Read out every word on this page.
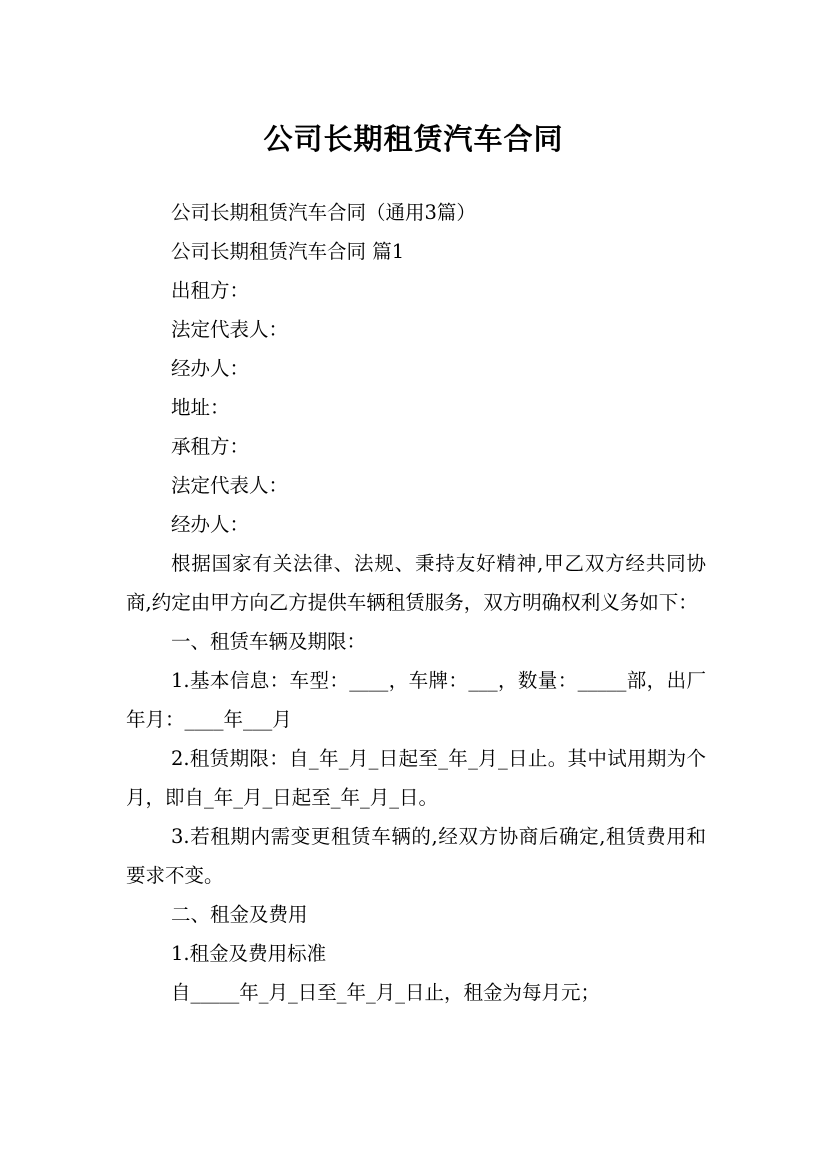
公司长期租赁汽车合同

公司长期租赁汽车合同（通用3篇）

公司长期租赁汽车合同 篇1

出租方：

法定代表人：

经办人：

地址：

承租方：

法定代表人：

经办人：

根据国家有关法律、法规、秉持友好精神,甲乙双方经共同协商,约定由甲方向乙方提供车辆租赁服务，双方明确权利义务如下：

一、租赁车辆及期限：

1.基本信息：车型：____，车牌：___，数量：_____部，出厂年月：____年___月

2.租赁期限：自_年_月_日起至_年_月_日止。其中试用期为个月，即自_年_月_日起至_年_月_日。

3.若租期内需变更租赁车辆的,经双方协商后确定,租赁费用和要求不变。

二、租金及费用

1.租金及费用标准

自_____年_月_日至_年_月_日止，租金为每月元；
